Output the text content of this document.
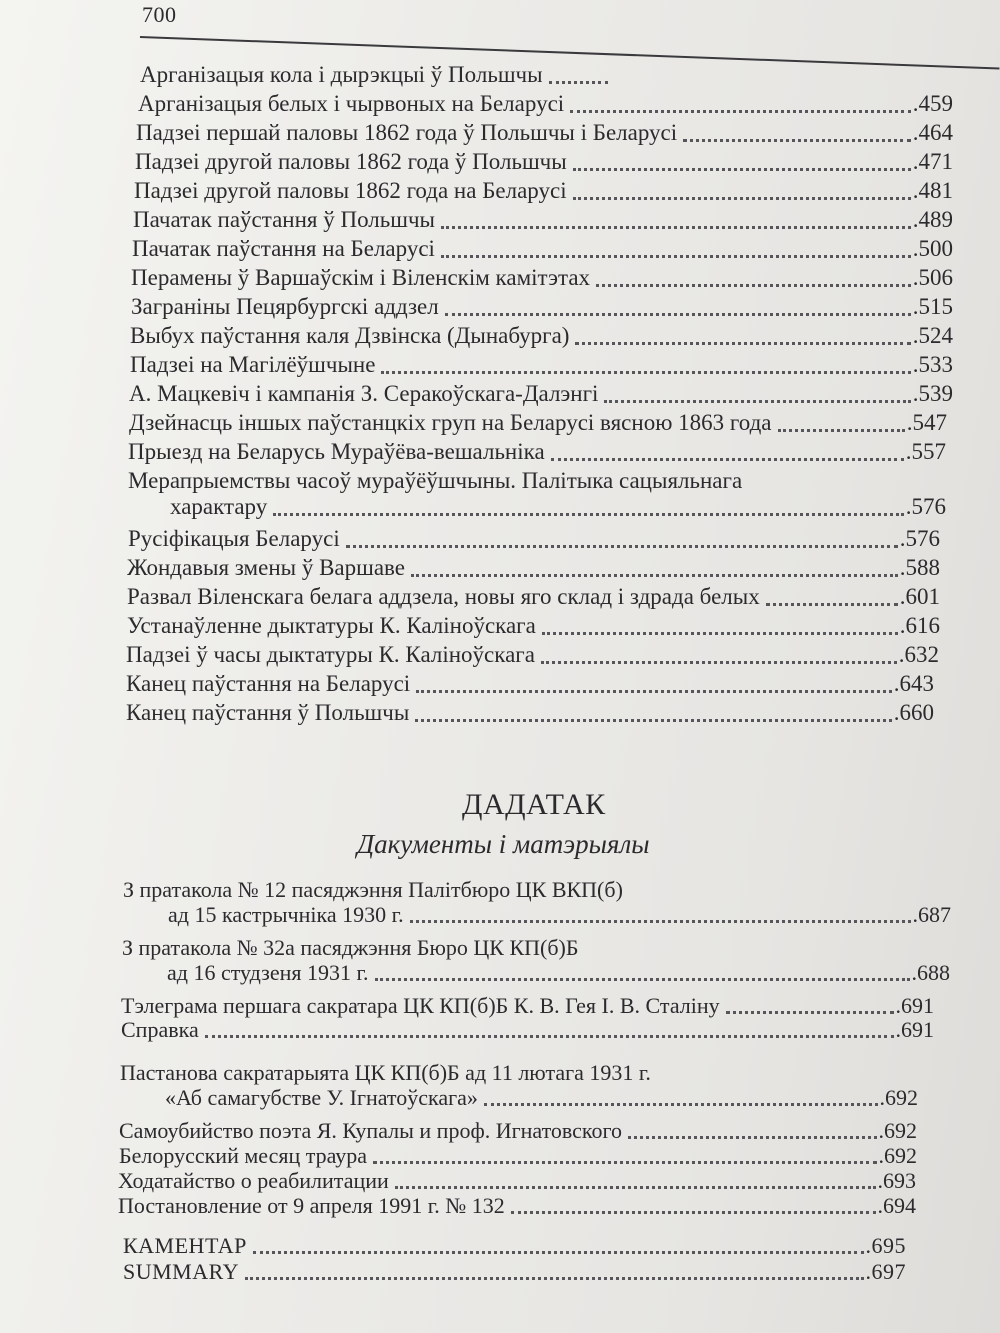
700
Арганізацыя кола і дырэкцыі ў Польшчы
Арганізацыя белых і чырвоных на Беларусі	.459
Падзеі першай паловы 1862 года ў Польшчы і Беларусі	.464
Падзеі другой паловы 1862 года ў Польшчы	.471
Падзеі другой паловы 1862 года на Беларусі	.481
Пачатак паўстання ў Польшчы	.489
Пачатак паўстання на Беларусі	.500
Перамены ў Варшаўскім і Віленскім камітэтах	.506
Заграніны Пецярбургскі аддзел	.515
Выбух паўстання каля Дзвінска (Дынабурга)	.524
Падзеі на Магілёўшчыне	.533
А. Мацкевіч і кампанія З. Серакоўскага-Далэнгі	.539
Дзейнасць іншых паўстанцкіх груп на Беларусі вясною 1863 года	.547
Прыезд на Беларусь Мураўёва-вешальніка	.557
Мерапрыемствы часоў мураўёўшчыны. Палітыка сацыяльнага
характару	.576
Русіфікацыя Беларусі	.576
Жондавыя змены ў Варшаве	.588
Развал Віленскага белага аддзела, новы яго склад і здрада белых	.601
Устанаўленне дыктатуры К. Каліноўскага	.616
Падзеі ў часы дыктатуры К. Каліноўскага	.632
Канец паўстання на Беларусі	.643
Канец паўстання ў Польшчы	.660
З пратакола № 12 пасяджэння Палітбюро ЦК ВКП(б)
ад 15 кастрычніка 1930 г.	.687
З пратакола № 32а пасяджэння Бюро ЦК КП(б)Б
ад 16 студзеня 1931 г.	.688
Тэлеграма першага сакратара ЦК КП(б)Б К. В. Гея І. В. Сталіну	.691
Справка	.691
Пастанова сакратарыята ЦК КП(б)Б ад 11 лютага 1931 г.
«Аб самагубстве У. Ігнатоўскага»	.692
Самоубийство поэта Я. Купалы и проф. Игнатовского	.692
Белорусский месяц траура	.692
Ходатайство о реабилитации	.693
Постановление от 9 апреля 1991 г. № 132	.694
КАМЕНТАР	.695
SUMMARY	.697
ДАДАТАК
Дакументы і матэрыялы
